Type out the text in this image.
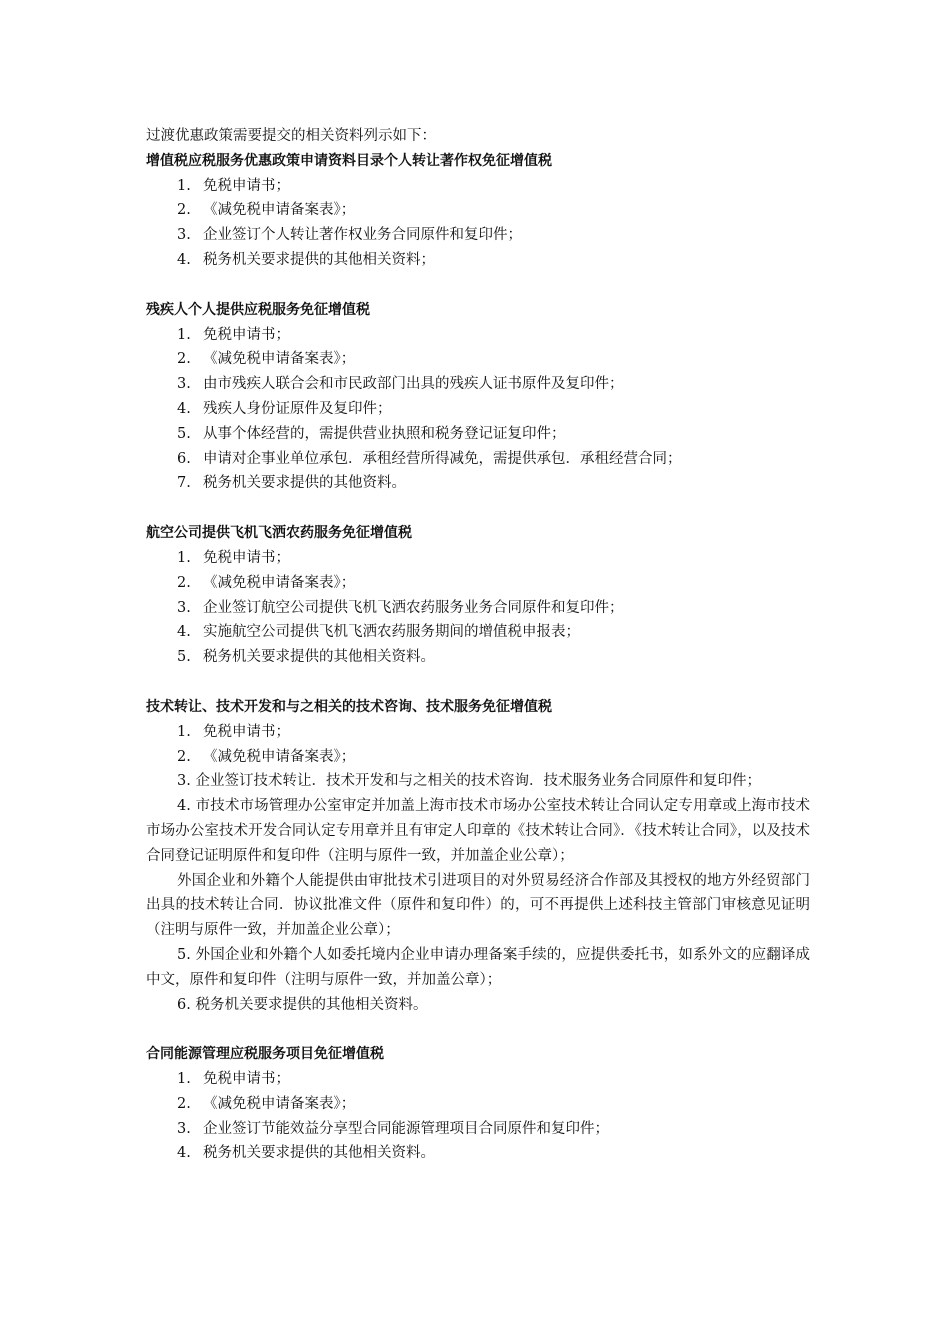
过渡优惠政策需要提交的相关资料列示如下：
增值税应税服务优惠政策申请资料目录个人转让著作权免征增值税
1. 免税申请书；
2. 《减免税申请备案表》；
3. 企业签订个人转让著作权业务合同原件和复印件；
4. 税务机关要求提供的其他相关资料；
残疾人个人提供应税服务免征增值税
1. 免税申请书；
2. 《减免税申请备案表》；
3. 由市残疾人联合会和市民政部门出具的残疾人证书原件及复印件；
4. 残疾人身份证原件及复印件；
5. 从事个体经营的，需提供营业执照和税务登记证复印件；
6. 申请对企事业单位承包．承租经营所得减免，需提供承包．承租经营合同；
7. 税务机关要求提供的其他资料。
航空公司提供飞机飞洒农药服务免征增值税
1. 免税申请书；
2. 《减免税申请备案表》；
3. 企业签订航空公司提供飞机飞洒农药服务业务合同原件和复印件；
4. 实施航空公司提供飞机飞洒农药服务期间的增值税申报表；
5. 税务机关要求提供的其他相关资料。
技术转让、技术开发和与之相关的技术咨询、技术服务免征增值税
1. 免税申请书；
2. 《减免税申请备案表》；
3. 企业签订技术转让．技术开发和与之相关的技术咨询．技术服务业务合同原件和复印件；
4. 市技术市场管理办公室审定并加盖上海市技术市场办公室技术转让合同认定专用章或上海市技术市场办公室技术开发合同认定专用章并且有审定人印章的《技术转让合同》．《技术转让合同》，以及技术合同登记证明原件和复印件（注明与原件一致，并加盖企业公章）；
外国企业和外籍个人能提供由审批技术引进项目的对外贸易经济合作部及其授权的地方外经贸部门出具的技术转让合同．协议批准文件（原件和复印件）的，可不再提供上述科技主管部门审核意见证明（注明与原件一致，并加盖企业公章）；
5. 外国企业和外籍个人如委托境内企业申请办理备案手续的，应提供委托书，如系外文的应翻译成中文，原件和复印件（注明与原件一致，并加盖公章）；
6. 税务机关要求提供的其他相关资料。
合同能源管理应税服务项目免征增值税
1. 免税申请书；
2. 《减免税申请备案表》；
3. 企业签订节能效益分享型合同能源管理项目合同原件和复印件；
4. 税务机关要求提供的其他相关资料。
